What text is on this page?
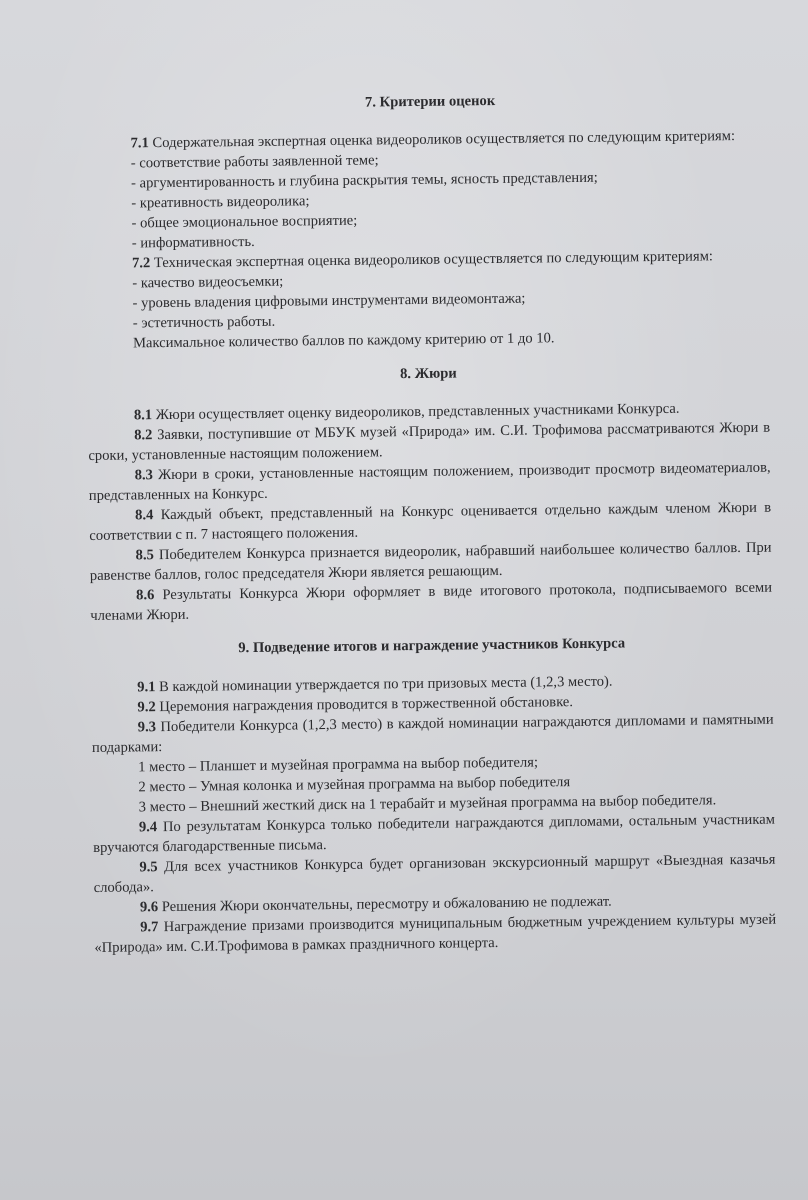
7. Критерии оценок

7.1 Содержательная экспертная оценка видеороликов осуществляется по следующим критериям:

- соответствие работы заявленной теме;

- аргументированность и глубина раскрытия темы, ясность представления;

- креативность видеоролика;

- общее эмоциональное восприятие;

- информативность.

7.2 Техническая экспертная оценка видеороликов осуществляется по следующим критериям:

- качество видеосъемки;

- уровень владения цифровыми инструментами видеомонтажа;

- эстетичность работы.

Максимальное количество баллов по каждому критерию от 1 до 10.

8. Жюри

8.1 Жюри осуществляет оценку видеороликов, представленных участниками Конкурса.

8.2 Заявки, поступившие от МБУК музей «Природа» им. С.И. Трофимова рассматриваются Жюри в сроки, установленные настоящим положением.

8.3 Жюри в сроки, установленные настоящим положением, производит просмотр видеоматериалов, представленных на Конкурс.

8.4 Каждый объект, представленный на Конкурс оценивается отдельно каждым членом Жюри в соответствии с п. 7 настоящего положения.

8.5 Победителем Конкурса признается видеоролик, набравший наибольшее количество баллов. При равенстве баллов, голос председателя Жюри является решающим.

8.6 Результаты Конкурса Жюри оформляет в виде итогового протокола, подписываемого всеми членами Жюри.

9. Подведение итогов и награждение участников Конкурса

9.1 В каждой номинации утверждается по три призовых места (1,2,3 место).

9.2 Церемония награждения проводится в торжественной обстановке.

9.3 Победители Конкурса (1,2,3 место) в каждой номинации награждаются дипломами и памятными подарками:

1 место – Планшет и музейная программа на выбор победителя;

2 место – Умная колонка и музейная программа на выбор победителя

3 место – Внешний жесткий диск на 1 терабайт и музейная программа на выбор победителя.

9.4 По результатам Конкурса только победители награждаются дипломами, остальным участникам вручаются благодарственные письма.

9.5 Для всех участников Конкурса будет организован экскурсионный маршрут «Выездная казачья слобода».

9.6 Решения Жюри окончательны, пересмотру и обжалованию не подлежат.

9.7 Награждение призами производится муниципальным бюджетным учреждением культуры музей «Природа» им. С.И.Трофимова в рамках праздничного концерта.
